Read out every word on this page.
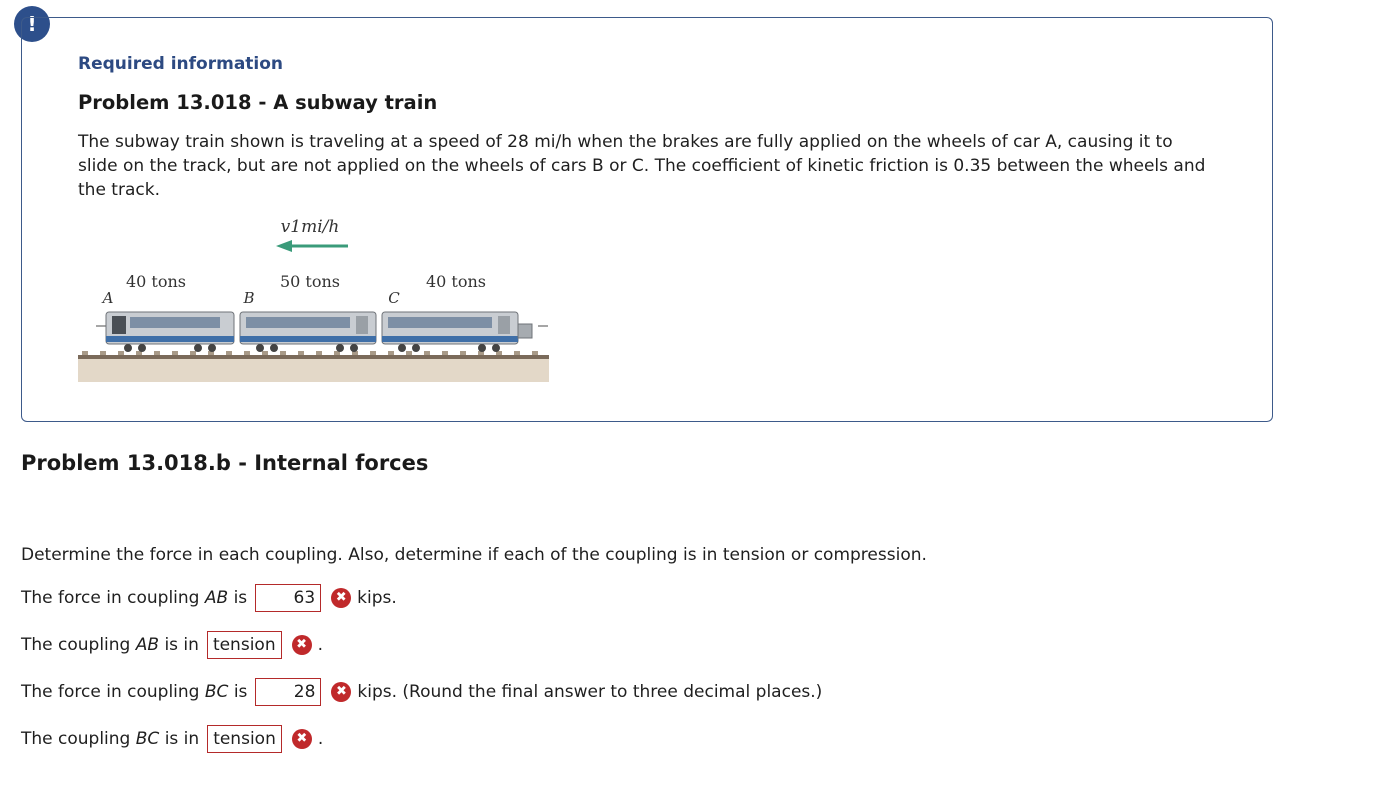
!
Required information
Problem 13.018 - A subway train
The subway train shown is traveling at a speed of 28 mi/h when the brakes are fully applied on the wheels of car A, causing it to slide on the track, but are not applied on the wheels of cars B or C. The coefficient of kinetic friction is 0.35 between the wheels and the track.
v1mi/h
40 tons	50 tons	40 tons
A	B	C
Problem 13.018.b - Internal forces
Determine the force in each coupling. Also, determine if each of the coupling is in tension or compression.
The force in coupling AB is
63	✖ kips.
The coupling AB is in tension	✖ .
The force in coupling BC is
28	✖ kips. (Round the final answer to three decimal places.)
The coupling BC is in tension	✖ .
